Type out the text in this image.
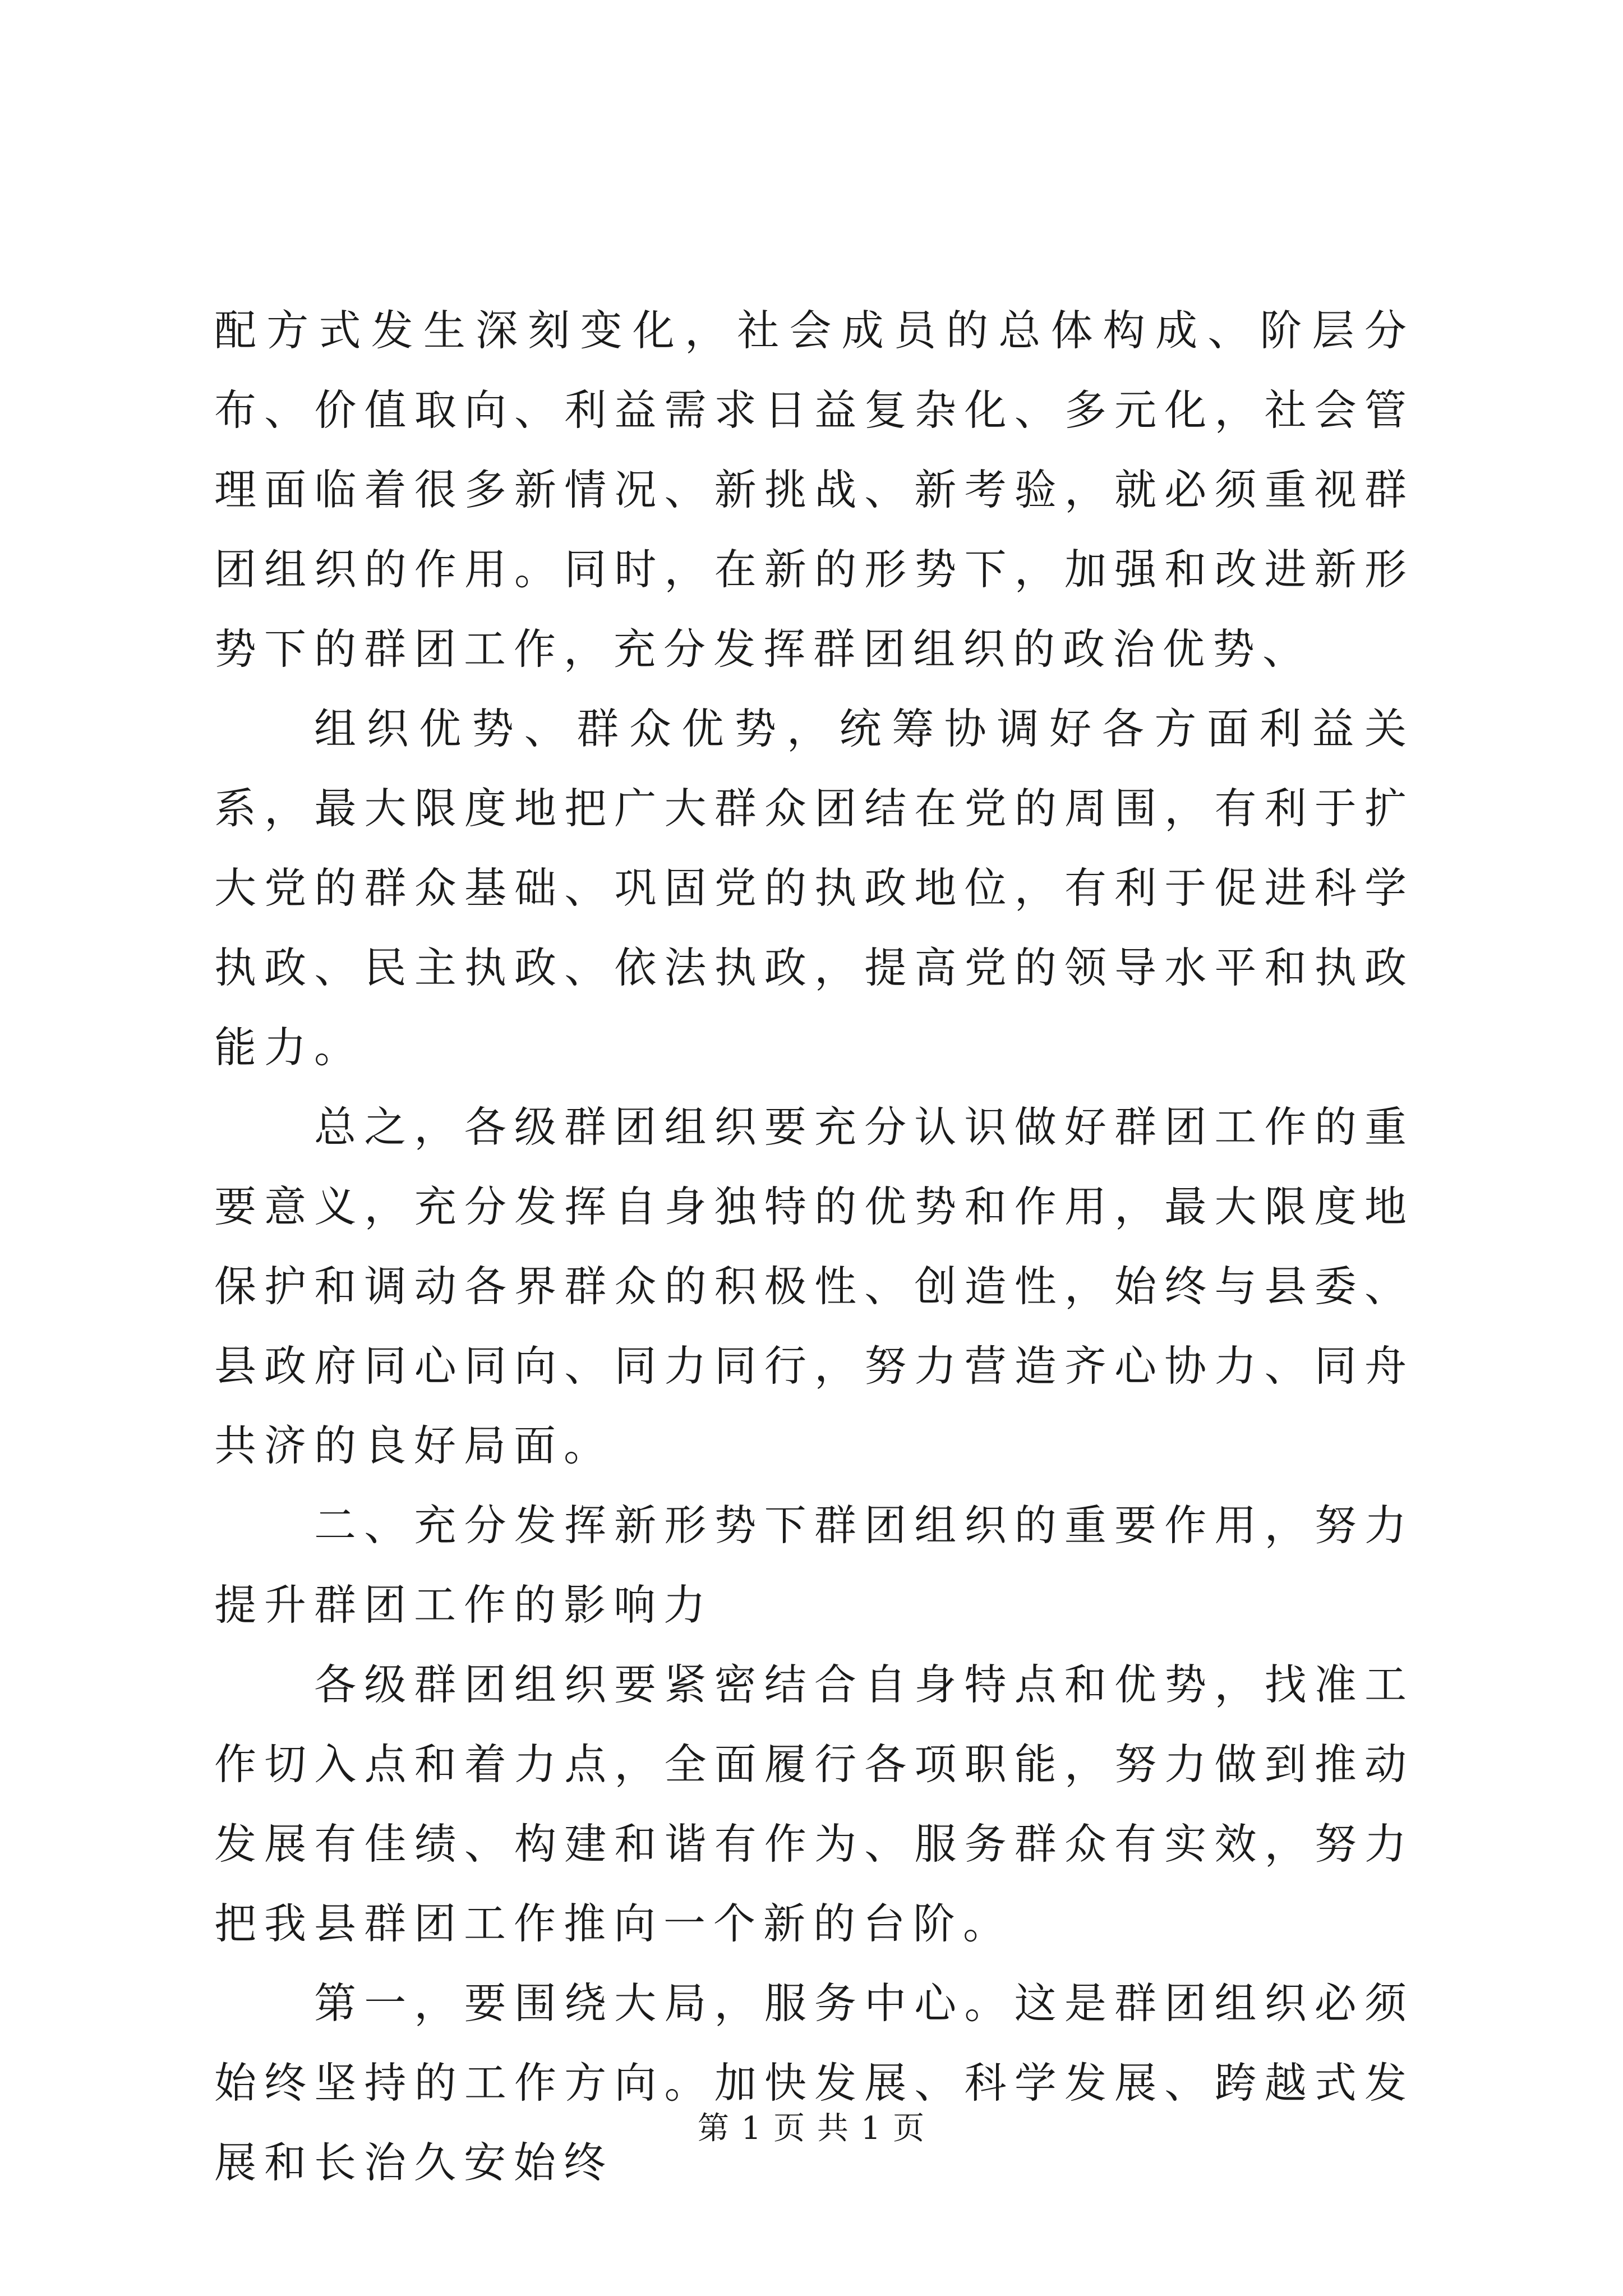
配方式发生深刻变化，社会成员的总体构成、阶层分布、价值取向、利益需求日益复杂化、多元化，社会管理面临着很多新情况、新挑战、新考验，就必须重视群团组织的作用。同时，在新的形势下，加强和改进新形势下的群团工作，充分发挥群团组织的政治优势、

组织优势、群众优势，统筹协调好各方面利益关系，最大限度地把广大群众团结在党的周围，有利于扩大党的群众基础、巩固党的执政地位，有利于促进科学执政、民主执政、依法执政，提高党的领导水平和执政能力。

总之，各级群团组织要充分认识做好群团工作的重要意义，充分发挥自身独特的优势和作用，最大限度地保护和调动各界群众的积极性、创造性，始终与县委、县政府同心同向、同力同行，努力营造齐心协力、同舟共济的良好局面。

二、充分发挥新形势下群团组织的重要作用，努力提升群团工作的影响力

各级群团组织要紧密结合自身特点和优势，找准工作切入点和着力点，全面履行各项职能，努力做到推动发展有佳绩、构建和谐有作为、服务群众有实效，努力把我县群团工作推向一个新的台阶。

第一，要围绕大局，服务中心。这是群团组织必须始终坚持的工作方向。加快发展、科学发展、跨越式发展和长治久安始终

第 1 页 共 1 页
